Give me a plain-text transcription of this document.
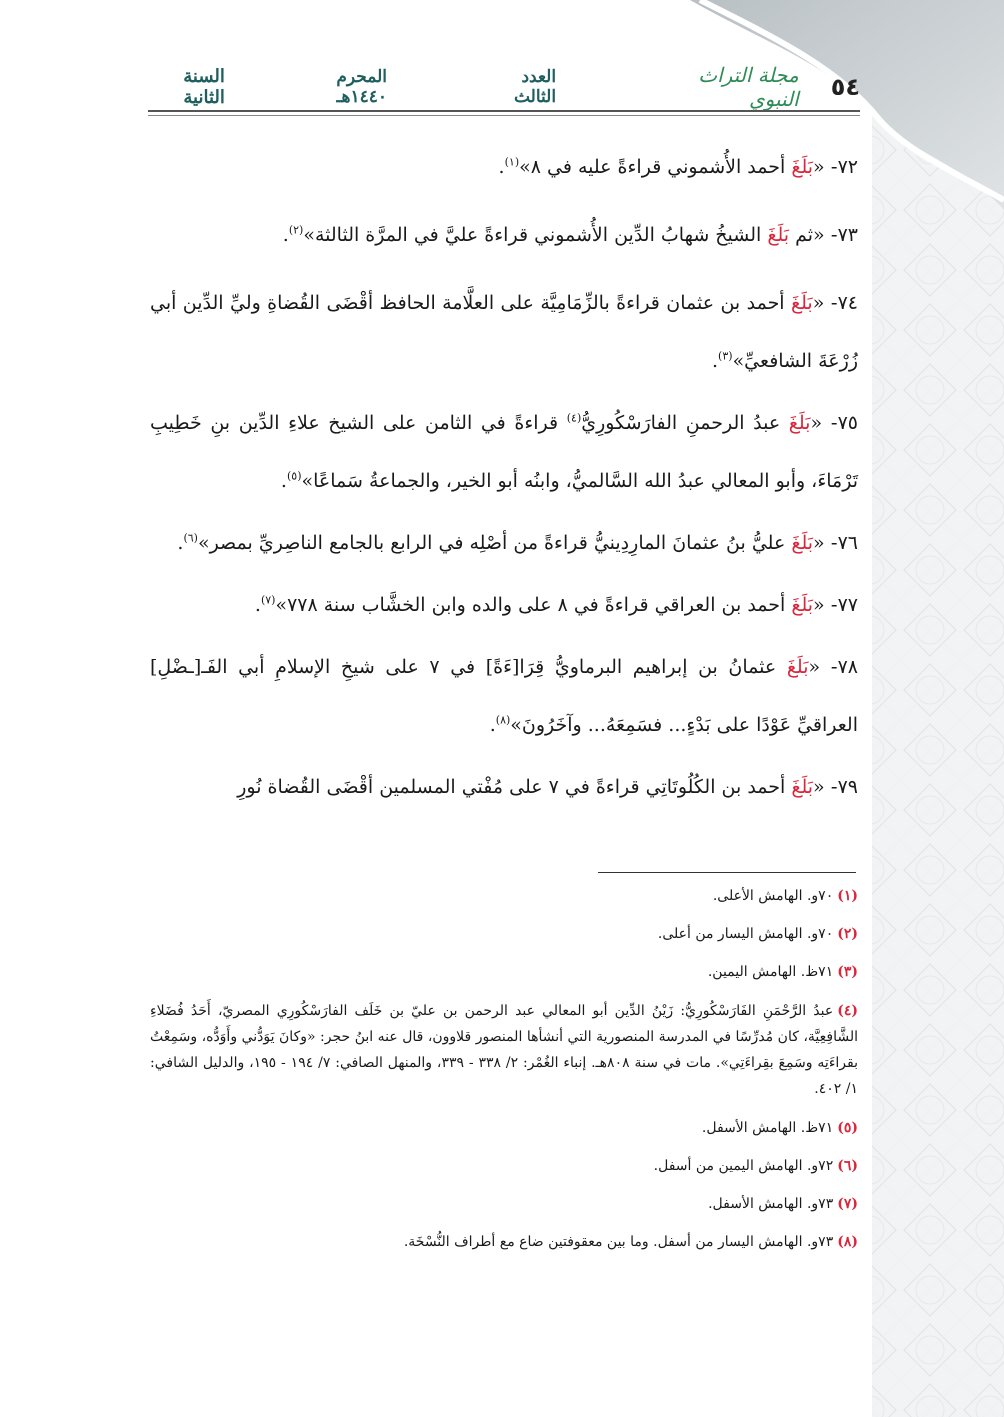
٥٤
مجلة التراث النبوي
العدد الثالث
المحرم ١٤٤٠هـ
السنة الثانية

٧٢- «بَلَغَ أحمد الأُشموني قراءةً عليه في ٨»$^{(١)}$.

٧٣- «ثم بَلَغَ الشيخُ شهابُ الدِّين الأُشموني قراءةً عليَّ في المرَّة الثالثة»$^{(٢)}$.

٧٤- «بَلَغَ أحمد بن عثمان قراءةً بالزِّمَامِيَّة على العلَّامة الحافظ أقْضَى القُضاةِ وليِّ الدِّين أبي زُرْعَةَ الشافعيِّ»$^{(٣)}$.

٧٥- «بَلَغَ عبدُ الرحمنِ الفارَسْكُورِيُّ$^{(٤)}$ قراءةً في الثامن على الشيخ علاءِ الدِّين بنِ خَطِيبِ تَرْمَاءَ، وأبو المعالي عبدُ الله السَّالميُّ، وابنُه أبو الخير، والجماعةُ سَماعًا»$^{(٥)}$.

٧٦- «بَلَغَ عليُّ بنُ عثمانَ المارِدِينيُّ قراءةً من أصْلِه في الرابع بالجامع الناصِريِّ بمصر»$^{(٦)}$.

٧٧- «بَلَغَ أحمد بن العراقي قراءةً في ٨ على والده وابن الخشَّاب سنة ٧٧٨»$^{(٧)}$.

٧٨- «بَلَغَ عثمانُ بن إبراهيم البرماويُّ قِرَا[ءَةً] في ٧ على شيخِ الإسلامِ أبي الفَـ[ـضْلِ] العراقيِّ عَوْدًا على بَدْءٍ... فسَمِعَهُ... وآخَرُونَ»$^{(٨)}$.

٧٩- «بَلَغَ أحمد بن الكُلُوتَاتِي قراءةً في ٧ على مُفْتي المسلمين أقْضَى القُضاة نُورِ

(١)٧٠و. الهامش الأعلى.
(٢)٧٠و. الهامش اليسار من أعلى.
(٣)٧١ظ. الهامش اليمين.
(٤)عبدُ الرَّحْمَنِ الفَارَسْكُورِيُّ: زَيْنُ الدِّين أبو المعالي عبد الرحمن بن عليّ بن خَلَف الفارَسْكُورِي المصريّ، أَحَدُ فُضَلاءِ الشَّافِعِيَّة، كان مُدرِّسًا في المدرسة المنصورية التي أنشأها المنصور قلاوون، قال عنه ابنُ حجر: «وكانَ يَوَدُّني وأَوَدُّه، وسَمِعْتُ بقراءَتِه وسَمِعَ بقِراءَتِي». مات في سنة ٨٠٨هـ. إنباء الغُمْر: ٢/ ٣٣٨ - ٣٣٩، والمنهل الصافي: ٧/ ١٩٤ - ١٩٥، والدليل الشافي: ١/ ٤٠٢.
(٥)٧١ظ. الهامش الأسفل.
(٦)٧٢و. الهامش اليمين من أسفل.
(٧)٧٣و. الهامش الأسفل.
(٨)٧٣و. الهامش اليسار من أسفل. وما بين معقوفتين ضاع مع أطراف النُّسْخَة.
